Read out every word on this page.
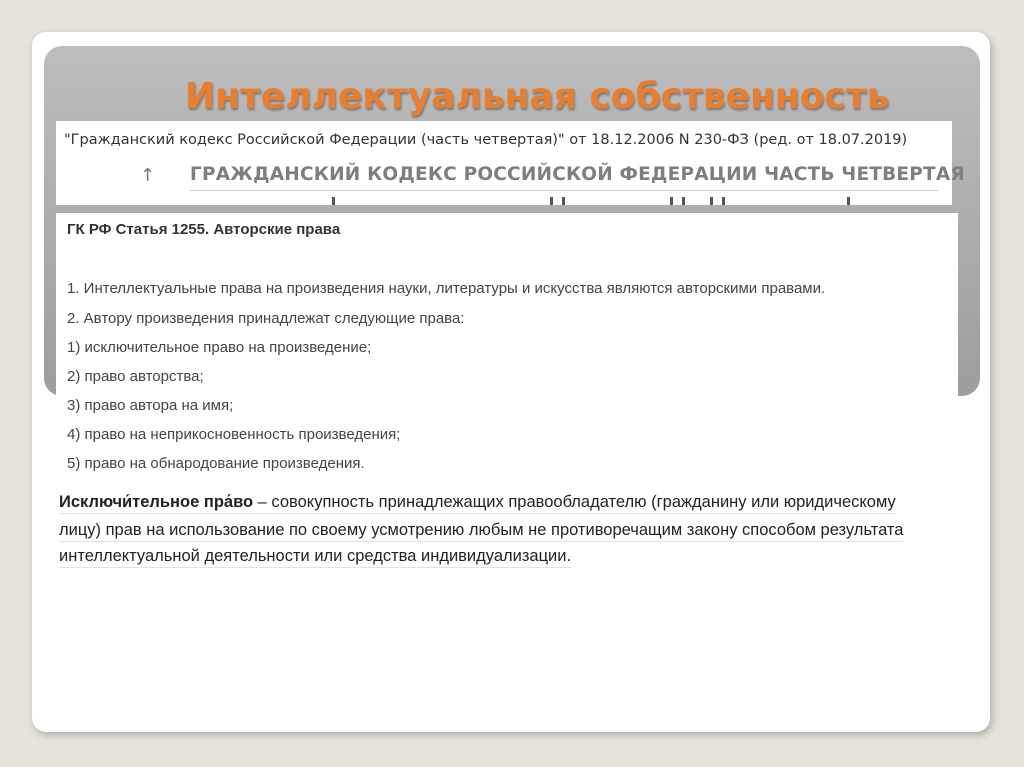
Интеллектуальная собственность
"Гражданский кодекс Российской Федерации (часть четвертая)" от 18.12.2006 N 230-ФЗ (ред. от 18.07.2019)
↑ ГРАЖДАНСКИЙ КОДЕКС РОССИЙСКОЙ ФЕДЕРАЦИИ ЧАСТЬ ЧЕТВЕРТАЯ
ГК РФ Статья 1255. Авторские права
1. Интеллектуальные права на произведения науки, литературы и искусства являются авторскими правами.
2. Автору произведения принадлежат следующие права:
1) исключительное право на произведение;
2) право авторства;
3) право автора на имя;
4) право на неприкосновенность произведения;
5) право на обнародование произведения.
Исключи́тельное пра́во – совокупность принадлежащих правообладателю (гражданину или юридическому
лицу) прав на использование по своему усмотрению любым не противоречащим закону способом результата
интеллектуальной деятельности или средства индивидуализации.
